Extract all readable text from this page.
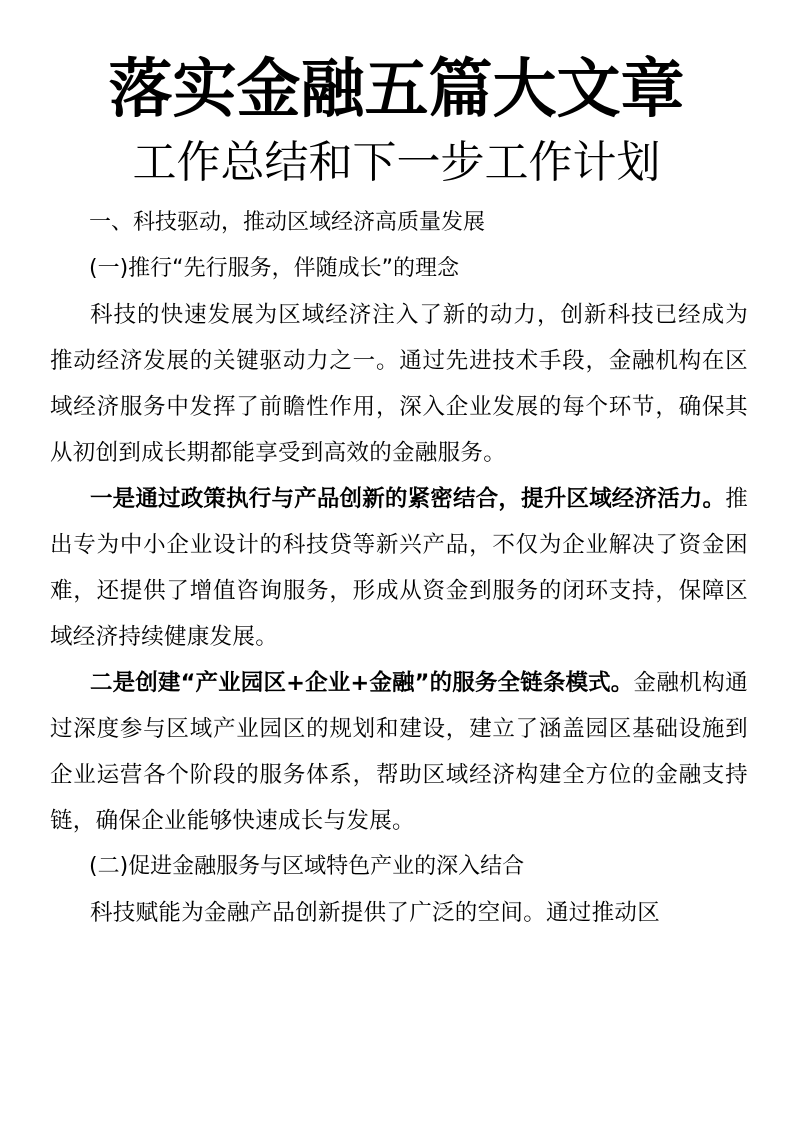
落实金融五篇大文章
工作总结和下一步工作计划

一、科技驱动，推动区域经济高质量发展

(一)推行“先行服务，伴随成长”的理念

科技的快速发展为区域经济注入了新的动力，创新科技已经成为推动经济发展的关键驱动力之一。通过先进技术手段，金融机构在区域经济服务中发挥了前瞻性作用，深入企业发展的每个环节，确保其从初创到成长期都能享受到高效的金融服务。

一是通过政策执行与产品创新的紧密结合，提升区域经济活力。推出专为中小企业设计的科技贷等新兴产品，不仅为企业解决了资金困难，还提供了增值咨询服务，形成从资金到服务的闭环支持，保障区域经济持续健康发展。

二是创建“产业园区+企业+金融”的服务全链条模式。金融机构通过深度参与区域产业园区的规划和建设，建立了涵盖园区基础设施到企业运营各个阶段的服务体系，帮助区域经济构建全方位的金融支持链，确保企业能够快速成长与发展。

(二)促进金融服务与区域特色产业的深入结合

科技赋能为金融产品创新提供了广泛的空间。通过推动区
